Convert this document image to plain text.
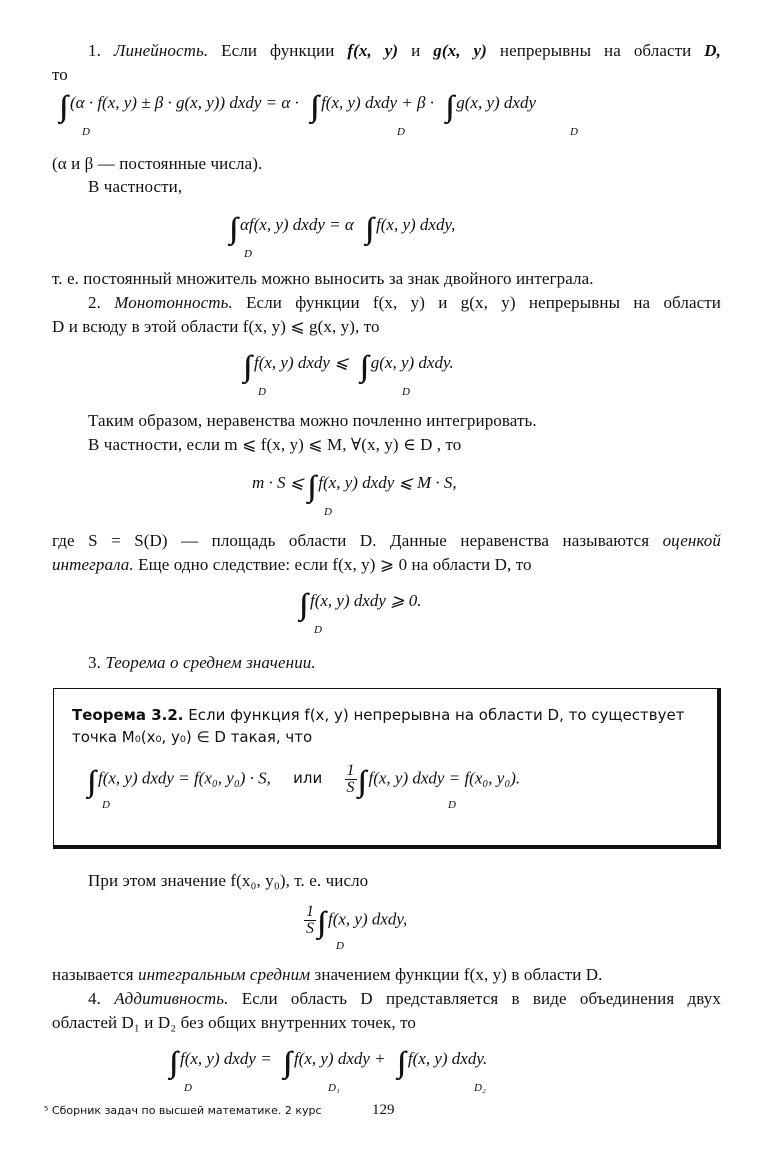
1. Линейность. Если функции f(x, y) и g(x, y) непрерывны на области D,
то
(α · f(x, y) ± β · g(x, y)) dxdy = α · f(x, y) dxdy + β · g(x, y) dxdy
D	D	D
(α и β — постоянные числа).
В частности,
αf(x, y) dxdy = α f(x, y) dxdy,
D
т. е. постоянный множитель можно выносить за знак двойного интеграла.
2. Монотонность. Если функции f(x, y) и g(x, y) непрерывны на области
D и всюду в этой области f(x, y) ⩽ g(x, y), то
f(x, y) dxdy ⩽ g(x, y) dxdy.
D	D
Таким образом, неравенства можно почленно интегрировать.
В частности, если m ⩽ f(x, y) ⩽ M, ∀(x, y) ∈ D , то
m · S ⩽ f(x, y) dxdy ⩽ M · S,
D
где S = S(D) — площадь области D. Данные неравенства называются оценкой
интеграла. Еще одно следствие: если f(x, y) ⩾ 0 на области D, то
f(x, y) dxdy ⩾ 0.
D
3. Теорема о среднем значении.
Теорема 3.2. Если функция f(x, y) непрерывна на области D, то существует
точка M₀(x₀, y₀) ∈ D такая, что
f(x, y) dxdy = f(x₀, y₀) · S, или $\frac{1}{S} f(x$, y) dxdy = f(x₀, y₀).
D	D
При этом значение f(x₀, y₀), т. е. число
$\frac{1}{S} f(x$, y) dxdy,
D
называется интегральным средним значением функции f(x, y) в области D.
4. Аддитивность. Если область D представляется в виде объединения двух
областей D₁ и D₂ без общих внутренних точек, то
f(x, y) dxdy = f(x, y) dxdy + f(x, y) dxdy.
D	D₁	D₂
⁵ Сборник задач по высшей математике. 2 курс	129
